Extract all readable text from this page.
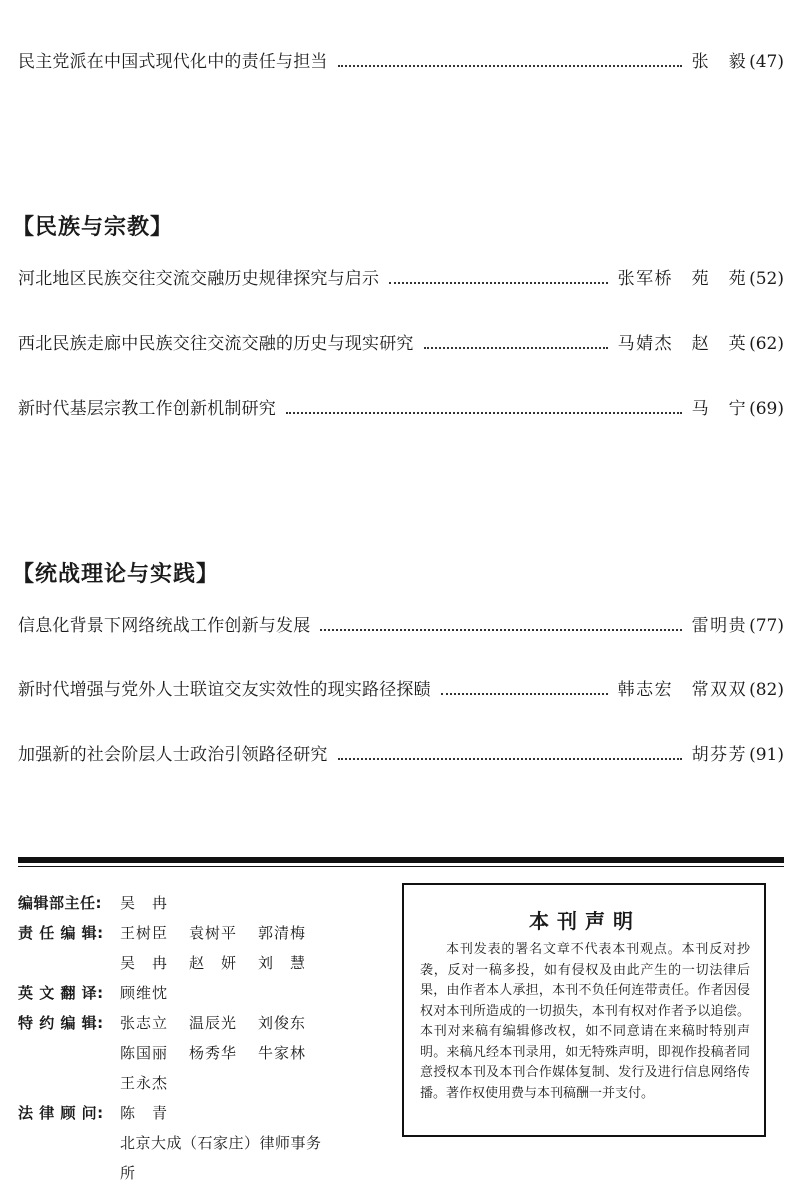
民主党派在中国式现代化中的责任与担当	张　毅 (47)
【民族与宗教】
河北地区民族交往交流交融历史规律探究与启示	张军桥　苑　苑 (52)
西北民族走廊中民族交往交流交融的历史与现实研究	马婧杰　赵　英 (62)
新时代基层宗教工作创新机制研究	马　宁 (69)
【统战理论与实践】
信息化背景下网络统战工作创新与发展	雷明贵 (77)
新时代增强与党外人士联谊交友实效性的现实路径探赜	韩志宏　常双双 (82)
加强新的社会阶层人士政治引领路径研究	胡芬芳 (91)
编辑部主任:	吴　冉
责 任 编 辑:	王树臣	袁树平	郭清梅
吴　冉	赵　妍	刘　慧
英 文 翻 译:	顾维忱
特 约 编 辑:	张志立	温辰光	刘俊东
陈国丽	杨秀华	牛家林
王永杰
法 律 顾 问:	陈　青
北京大成（石家庄）律师事务所
本刊声明
本刊发表的署名文章不代表本刊观点。本刊反对抄袭，反对一稿多投，如有侵权及由此产生的一切法律后果，由作者本人承担，本刊不负任何连带责任。作者因侵权对本刊所造成的一切损失，本刊有权对作者予以追偿。本刊对来稿有编辑修改权，如不同意请在来稿时特别声明。来稿凡经本刊录用，如无特殊声明，即视作投稿者同意授权本刊及本刊合作媒体复制、发行及进行信息网络传播。著作权使用费与本刊稿酬一并支付。
